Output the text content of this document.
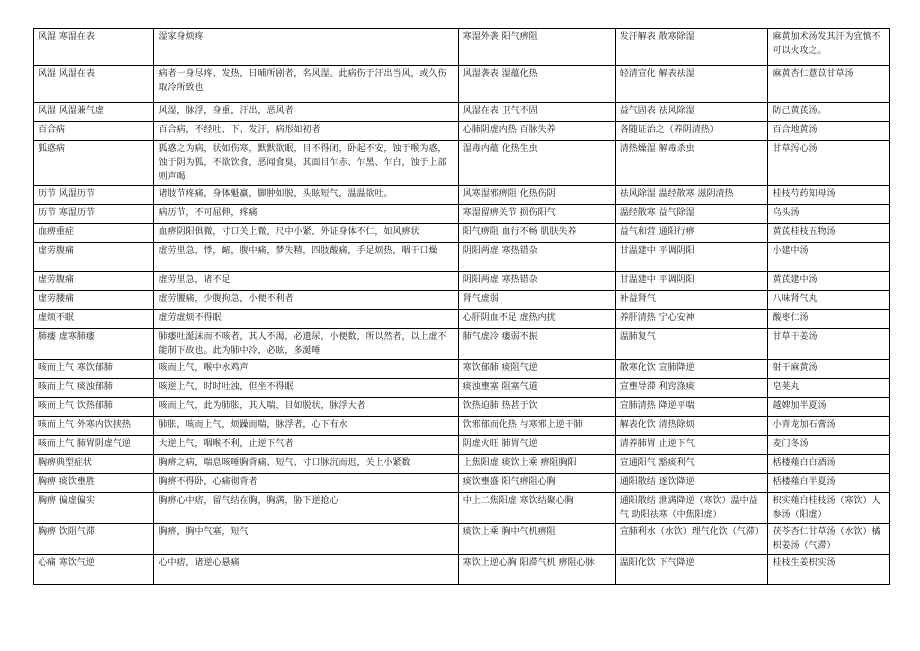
风湿 寒湿在表	湿家身烦疼	寒湿外袭 阳气痹阻	发汗解表 散寒除湿	麻黄加术汤发其汗为宜慎不可以火攻之。
风湿 风湿在表	病者一身尽疼、发热，日晡所剧者，名风湿。此病伤于汗出当风，或久伤取冷所致也	风湿袭表 湿蕴化热	轻清宣化 解表祛湿	麻黄杏仁薏苡甘草汤
风湿 风湿兼气虚	风湿，脉浮，身重，汗出，恶风者	风湿在表 卫气不固	益气固表 祛风除湿	防己黄芪汤。
百合病	百合病，不经吐、下、发汗，病形如初者	心肺阴虚内热 百脉失养	各随证治之（养阴清热）	百合地黄汤
狐惑病	狐惑之为病，状如伤寒，默默欲眠，目不得闭，卧起不安，蚀于喉为惑，蚀于阴为狐，不欲饮食，恶闻食臭，其面目乍赤、乍黑、乍白，蚀于上部则声喝	湿毒内蕴 化热生虫	清热燥湿 解毒杀虫	甘草泻心汤
历节 风湿历节	诸肢节疼痛，身体魁羸，脚肿如脱，头眩短气，温温欲吐。	风寒湿邪痹阻 化热伤阴	祛风除湿 温经散寒 滋阴清热	桂枝芍药知母汤
历节 寒湿历节	病历节，不可屈伸，疼痛	寒湿留痹关节 损伤阳气	温经散寒 益气除湿	乌头汤
血痹重症	血痹阴阳俱微，寸口关上微，尺中小紧，外证身体不仁，如风痹状	阳气痹阻 血行不畅 肌肤失养	益气和营 通阳行痹	黄芪桂枝五物汤
虚劳腹痛	虚劳里急，悸，衄，腹中痛，梦失精，四肢酸痛，手足烦热，咽干口燥	阴阳两虚 寒热错杂	甘温建中 平调阴阳	小建中汤
虚劳腹痛	虚劳里急，诸不足	阴阳两虚 寒热错杂	甘温建中 平调阴阳	黄芪建中汤
虚劳腰痛	虚劳腰痛，少腹拘急，小便不利者	肾气虚弱	补益肾气	八味肾气丸
虚烦不眠	虚劳虚烦不得眠	心肝阴血不足 虚热内扰	养肝清热 宁心安神	酸枣仁汤
肺痿 虚寒肺痿	肺痿吐涎沫而不咳者，其人不渴，必遗尿，小便数，所以然者，以上虚不能制下故也。此为肺中冷，必眩，多涎唾	肺气虚冷 痿弱不振	温肺复气	甘草干姜汤
咳而上气 寒饮郁肺	咳而上气，喉中水鸡声	寒饮郁肺 痰阻气逆	散寒化饮 宣肺降逆	射干麻黄汤
咳而上气 痰浊郁肺	咳逆上气，时时吐浊，但坐不得眠	痰浊壅塞 阻塞气道	宣壅导滞 利窍涤痰	皂荚丸
咳而上气 饮热郁肺	咳而上气，此为肺胀，其人喘，目如脱状，脉浮大者	饮热迫肺 热甚于饮	宣肺清热 降逆平喘	越婢加半夏汤
咳而上气 外寒内饮挟热	肺胀，咳而上气，烦躁而喘，脉浮者，心下有水	饮邪郁而化热 与寒邪上逆干肺	解表化饮 清热除烦	小青龙加石膏汤
咳而上气 肺胃阴虚气逆	大逆上气，咽喉不利，止逆下气者	阴虚火旺 肺胃气逆	清养肺胃 止逆下气	麦门冬汤
胸痹典型症状	胸痹之病，喘息咳唾胸背痛、短气、寸口脉沉而迟，关上小紧数	上焦阳虚 痰饮上乘 痹阻胸阳	宣通阳气 豁痰利气	栝楼薤白白酒汤
胸痹 痰饮壅胜	胸痹不得卧，心痛彻背者	痰饮壅盛 阳气痹阻心胸	通阳散结 逐饮降逆	栝楼薤白半夏汤
胸痹 偏虚偏实	胸痹心中痞，留气结在胸，胸满，胁下逆抢心	中上二焦阳虚 寒饮结聚心胸	通阳散结 泄满降逆（寒饮）温中益气 助阳祛寒（中焦阳虚）	枳实薤白桂枝汤（寒饮）人参汤（阳虚）
胸痹 饮阻气滞	胸痹，胸中气塞，短气	痰饮上乘 胸中气机痹阻	宣肺利水（水饮）理气化饮（气滞）	茯苓杏仁甘草汤（水饮）橘枳姜汤（气滞）
心痛 寒饮气逆	心中痞，诸逆心悬痛	寒饮上逆心胸 阳滞气机 痹阻心脉	温阳化饮 下气降逆	桂枝生姜枳实汤
